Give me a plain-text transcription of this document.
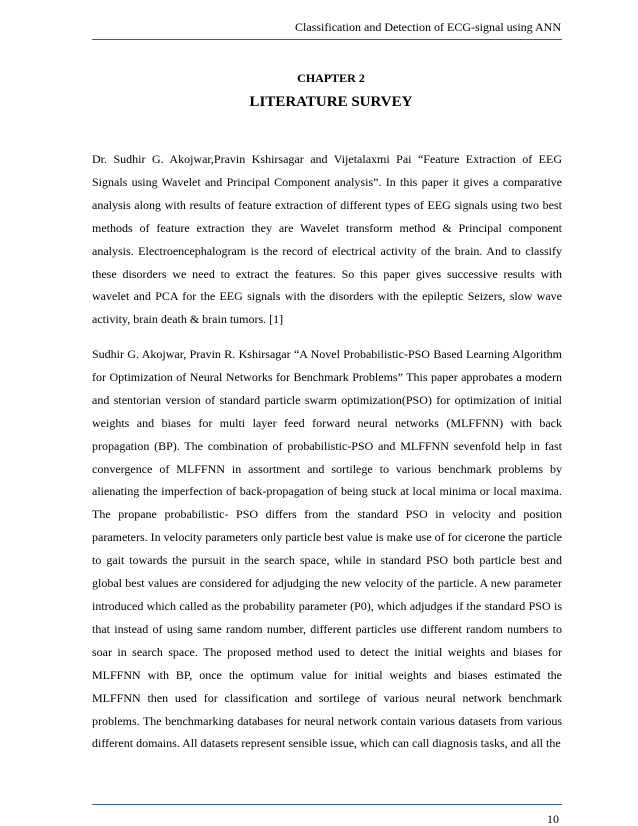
Classification and Detection of ECG-signal using ANN
CHAPTER 2
LITERATURE SURVEY

Dr. Sudhir G. Akojwar,Pravin Kshirsagar and Vijetalaxmi Pai “Feature Extraction of EEG Signals using Wavelet and Principal Component analysis”. In this paper it gives a comparative analysis along with results of feature extraction of different types of EEG signals using two best methods of feature extraction they are Wavelet transform method & Principal component analysis. Electroencephalogram is the record of electrical activity of the brain. And to classify these disorders we need to extract the features. So this paper gives successive results with wavelet and PCA for the EEG signals with the disorders with the epileptic Seizers, slow wave activity, brain death & brain tumors. [1]

Sudhir G. Akojwar, Pravin R. Kshirsagar “A Novel Probabilistic-PSO Based Learning Algorithm for Optimization of Neural Networks for Benchmark Problems” This paper approbates a modern and stentorian version of standard particle swarm optimization(PSO) for optimization of initial weights and biases for multi layer feed forward neural networks (MLFFNN) with back propagation (BP). The combination of probabilistic-PSO and MLFFNN sevenfold help in fast convergence of MLFFNN in assortment and sortilege to various benchmark problems by alienating the imperfection of back-propagation of being stuck at local minima or local maxima. The propane probabilistic- PSO differs from the standard PSO in velocity and position parameters. In velocity parameters only particle best value is make use of for cicerone the particle to gait towards the pursuit in the search space, while in standard PSO both particle best and global best values are considered for adjudging the new velocity of the particle. A new parameter introduced which called as the probability parameter (P0), which adjudges if the standard PSO is that instead of using same random number, different particles use different random numbers to soar in search space. The proposed method used to detect the initial weights and biases for MLFFNN with BP, once the optimum value for initial weights and biases estimated the MLFFNN then used for classification and sortilege of various neural network benchmark problems. The benchmarking databases for neural network contain various datasets from various different domains. All datasets represent sensible issue, which can call diagnosis tasks, and all the

10
